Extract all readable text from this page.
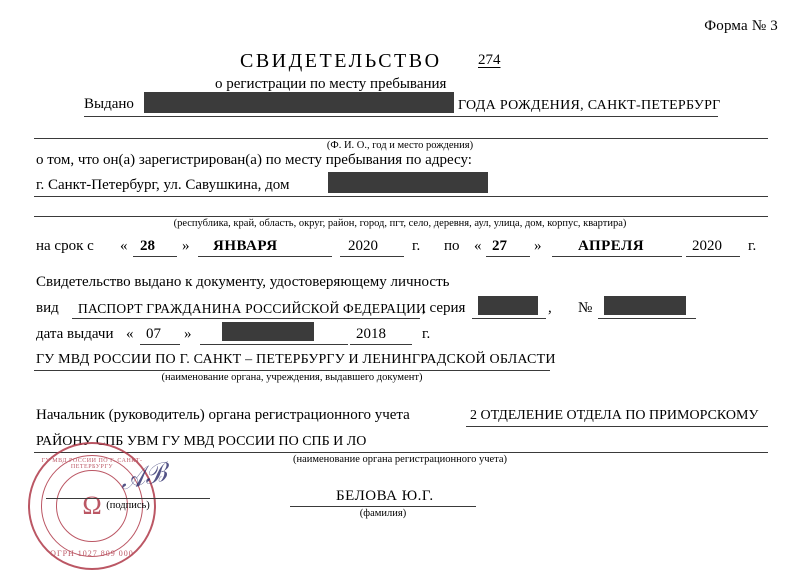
Форма № 3
СВИДЕТЕЛЬСТВО 274
о регистрации по месту пребывания
Выдано	ГОДА РОЖДЕНИЯ, САНКТ-ПЕТЕРБУРГ
(Ф. И. О., год и место рождения)
о том, что он(а) зарегистрирован(а) по месту пребывания по адресу:
г. Санкт-Петербург, ул. Савушкина, дом
(республика, край, область, округ, район, город, пгт, село, деревня, аул, улица, дом, корпус, квартира)
на срок с « 28 » ЯНВАРЯ	2020 г. по « 27 » АПРЕЛЯ	2020 г.
Свидетельство выдано к документу, удостоверяющему личность
вид ПАСПОРТ ГРАЖДАНИНА РОССИЙСКОЙ ФЕДЕРАЦИИ
, серия	, №
дата выдачи « 07 »	2018 г.
ГУ МВД РОССИИ ПО Г. САНКТ – ПЕТЕРБУРГУ И ЛЕНИНГРАДСКОЙ ОБЛАСТИ
(наименование органа, учреждения, выдавшего документ)
Начальник (руководитель) органа регистрационного учета	2 ОТДЕЛЕНИЕ ОТДЕЛА ПО ПРИМОРСКОМУ
РАЙОНУ СПБ УВМ ГУ МВД РОССИИ ПО СПБ И ЛО
(наименование органа регистрационного учета)
ГУ МВД РОССИИ ПО Г. САНКТ-ПЕТЕРБУРГУ
Ω
ОГРН 1027 809 000
𝒜ℬ
(подпись)
БЕЛОВА Ю.Г.
(фамилия)
